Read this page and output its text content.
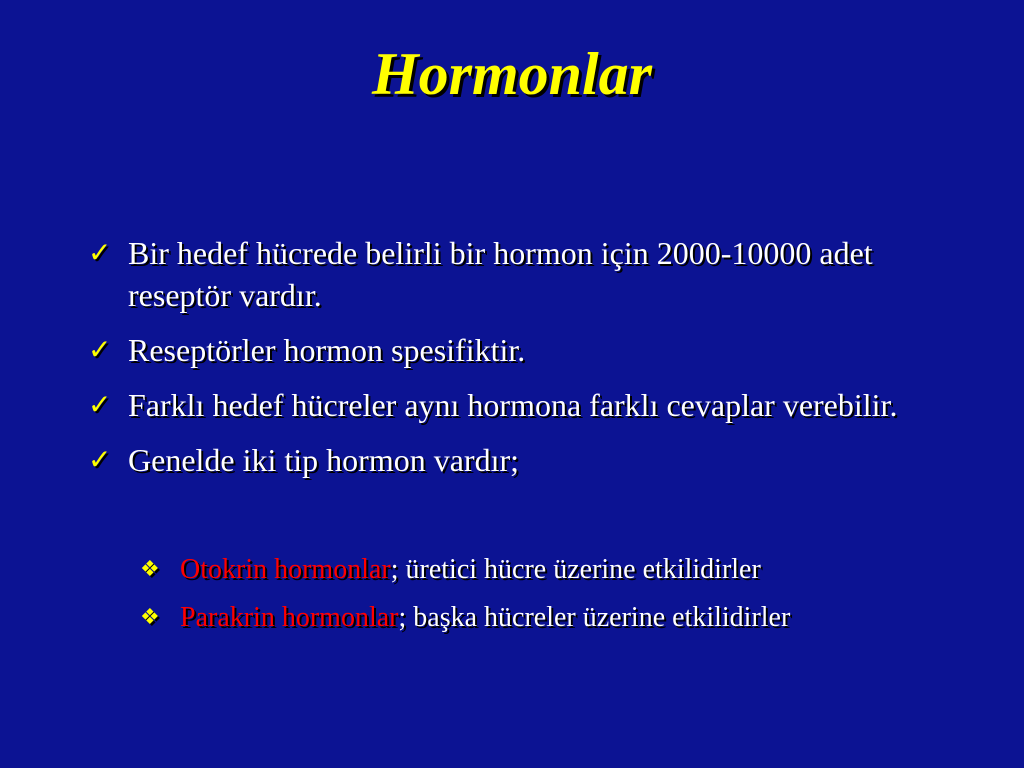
Hormonlar
✓ Bir hedef hücrede belirli bir hormon için 2000-10000 adet reseptör vardır.
✓ Reseptörler hormon spesifiktir.
✓ Farklı hedef hücreler aynı hormona farklı cevaplar verebilir.
✓ Genelde iki tip hormon vardır;
❖ Otokrin hormonlar; üretici hücre üzerine etkilidirler
❖ Parakrin hormonlar; başka hücreler üzerine etkilidirler
